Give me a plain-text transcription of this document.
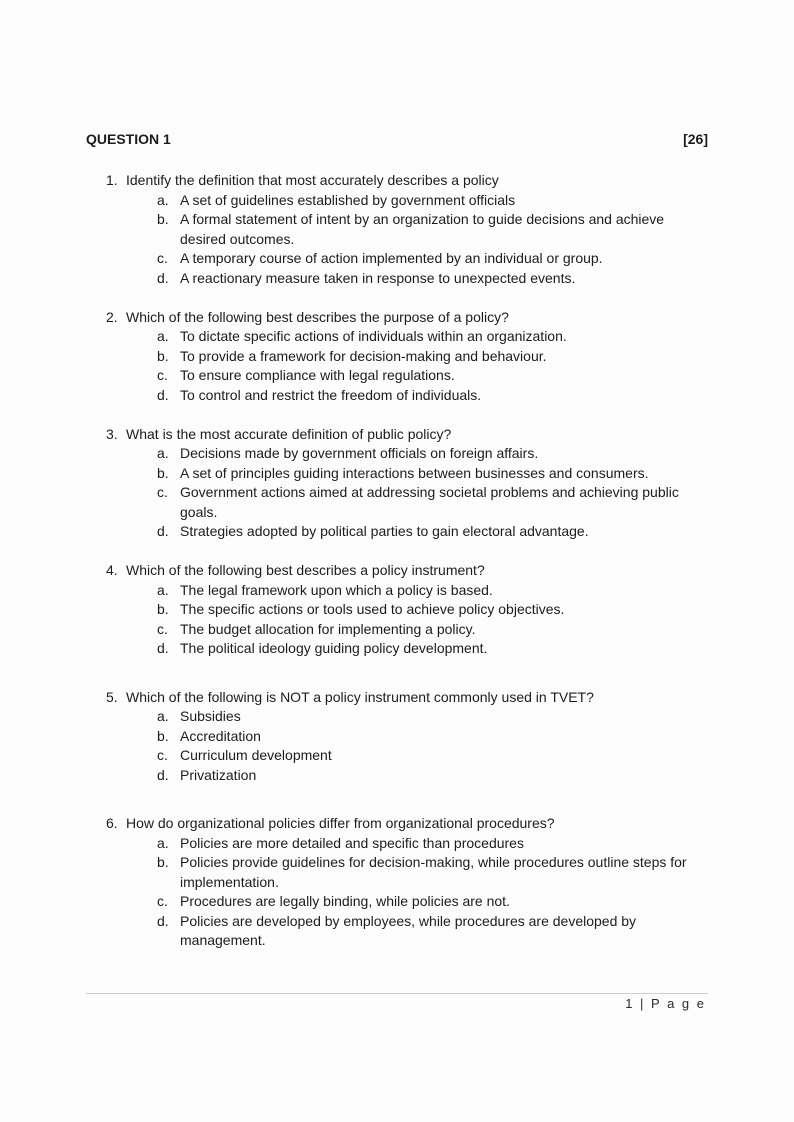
QUESTION 1	[26]
1. Identify the definition that most accurately describes a policy
a. A set of guidelines established by government officials
b. A formal statement of intent by an organization to guide decisions and achieve desired outcomes.
c. A temporary course of action implemented by an individual or group.
d. A reactionary measure taken in response to unexpected events.
2. Which of the following best describes the purpose of a policy?
a. To dictate specific actions of individuals within an organization.
b. To provide a framework for decision-making and behaviour.
c. To ensure compliance with legal regulations.
d. To control and restrict the freedom of individuals.
3. What is the most accurate definition of public policy?
a. Decisions made by government officials on foreign affairs.
b. A set of principles guiding interactions between businesses and consumers.
c. Government actions aimed at addressing societal problems and achieving public goals.
d. Strategies adopted by political parties to gain electoral advantage.
4. Which of the following best describes a policy instrument?
a. The legal framework upon which a policy is based.
b. The specific actions or tools used to achieve policy objectives.
c. The budget allocation for implementing a policy.
d. The political ideology guiding policy development.
5. Which of the following is NOT a policy instrument commonly used in TVET?
a. Subsidies
b. Accreditation
c. Curriculum development
d. Privatization
6. How do organizational policies differ from organizational procedures?
a. Policies are more detailed and specific than procedures
b. Policies provide guidelines for decision-making, while procedures outline steps for implementation.
c. Procedures are legally binding, while policies are not.
d. Policies are developed by employees, while procedures are developed by management.
1 | P a g e
